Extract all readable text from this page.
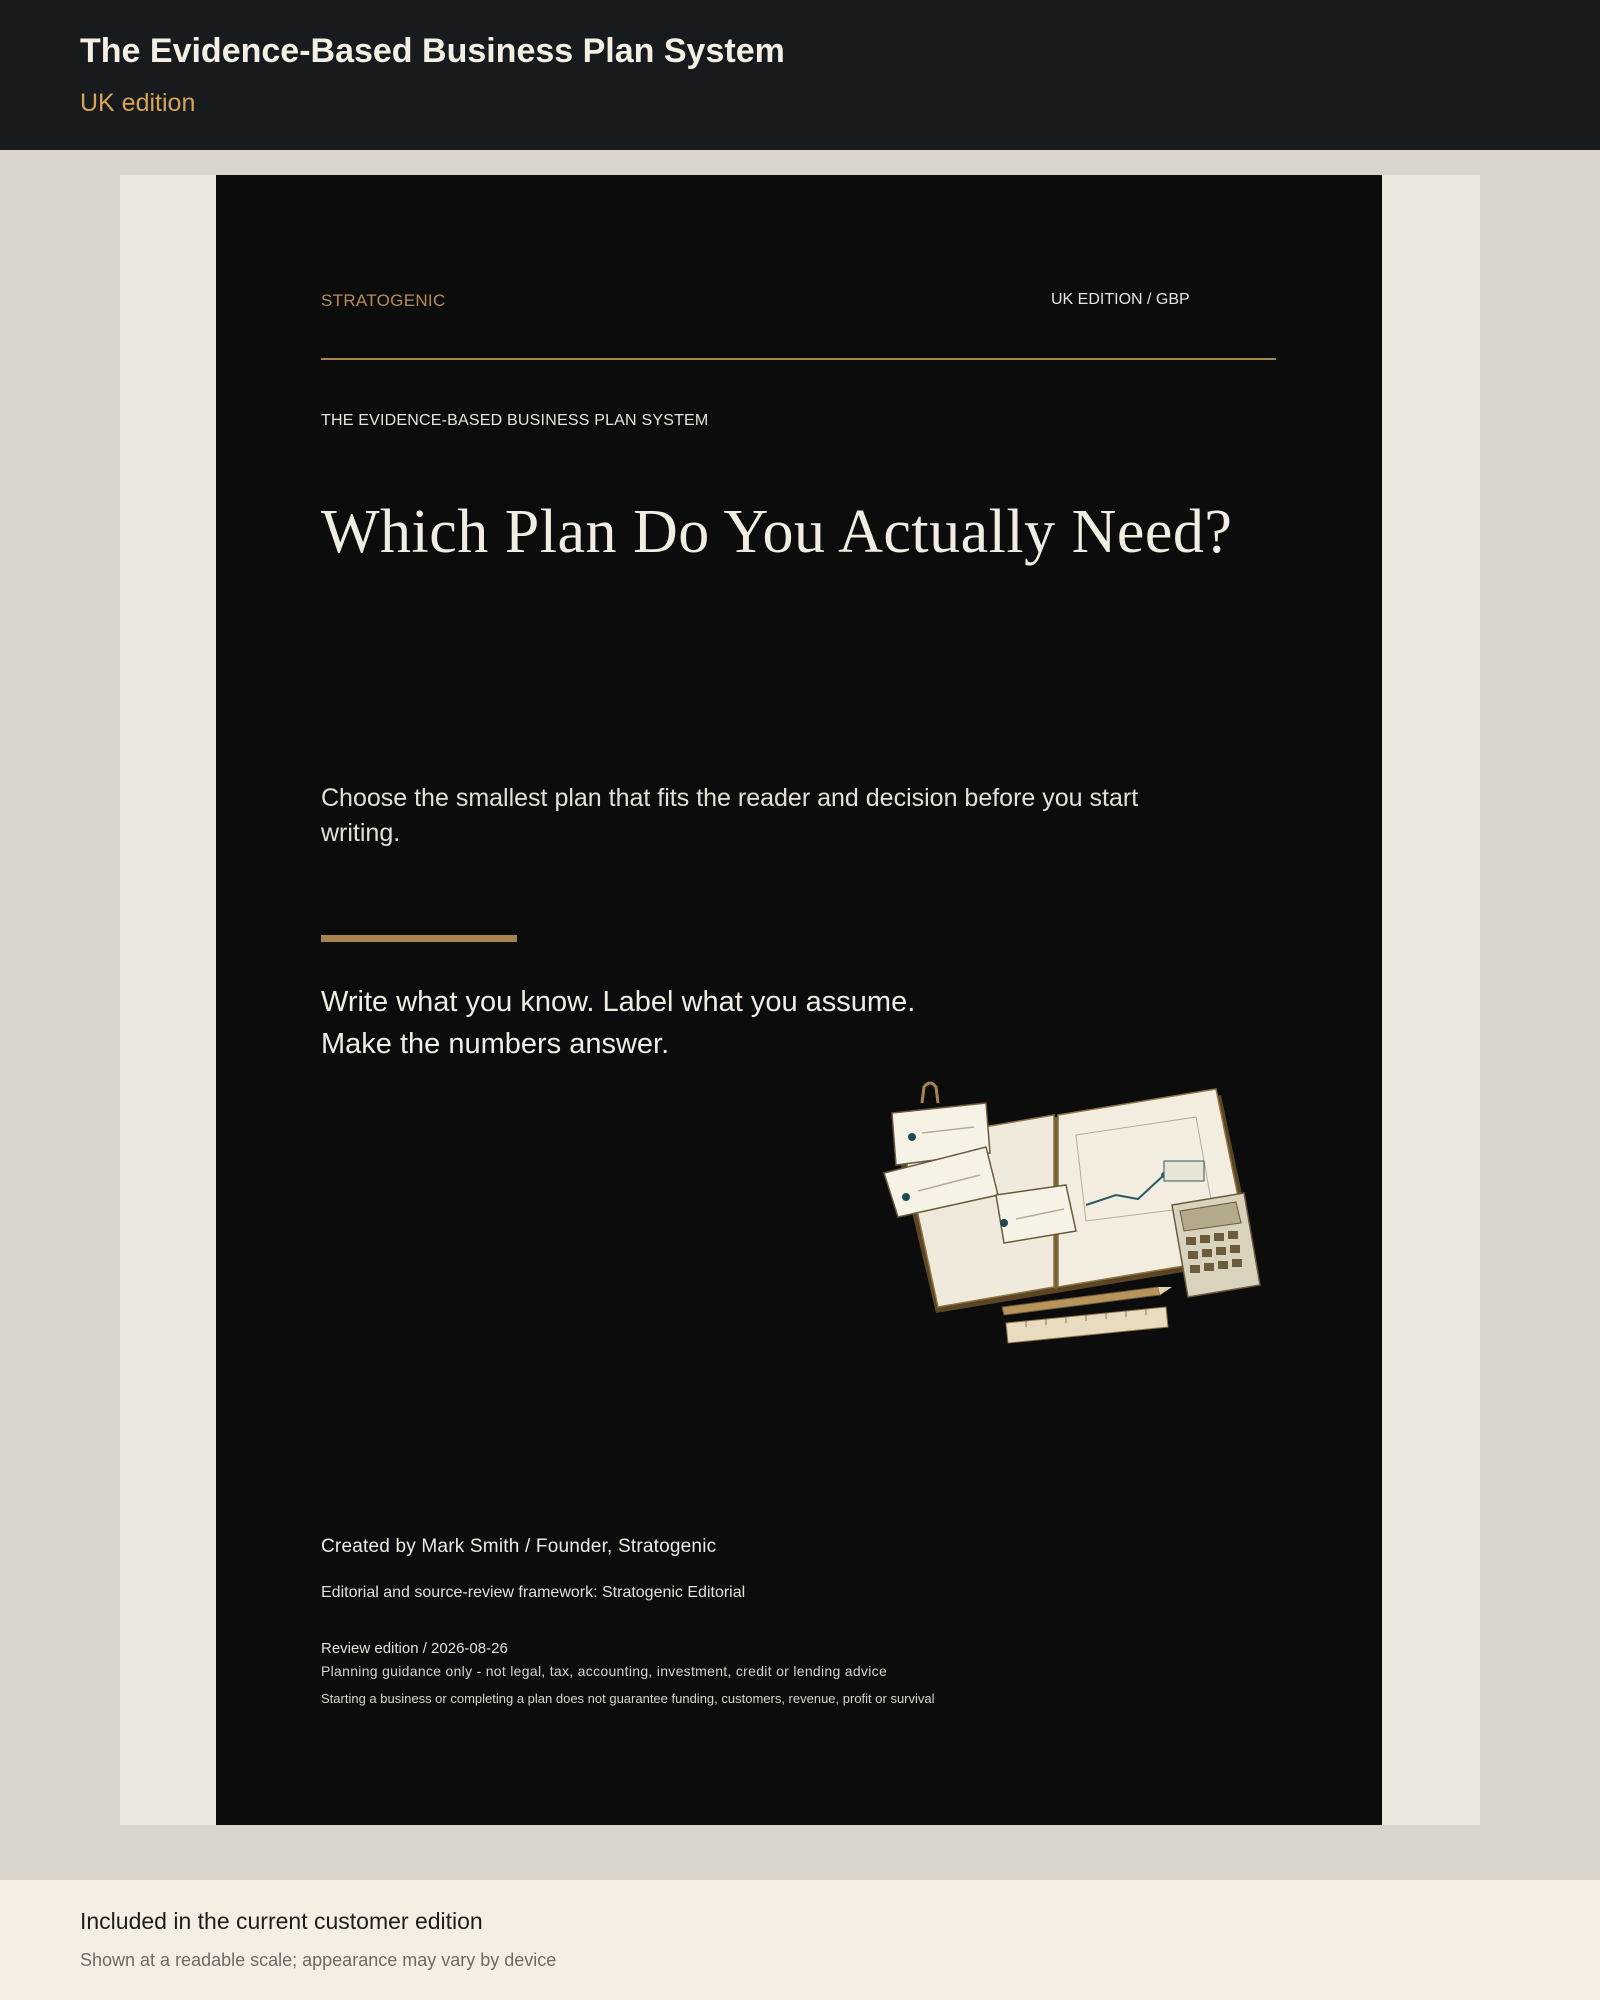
The Evidence-Based Business Plan System
UK edition
STRATOGENIC	UK EDITION / GBP
THE EVIDENCE-BASED BUSINESS PLAN SYSTEM
Which Plan Do You Actually Need?

Choose the smallest plan that fits the reader and decision before you start writing.

Write what you know. Label what you assume.
Make the numbers answer.
Created by Mark Smith / Founder, Stratogenic
Editorial and source-review framework: Stratogenic Editorial
Review edition / 2026-08-26
Planning guidance only - not legal, tax, accounting, investment, credit or lending advice
Starting a business or completing a plan does not guarantee funding, customers, revenue, profit or survival
Included in the current customer edition
Shown at a readable scale; appearance may vary by device
